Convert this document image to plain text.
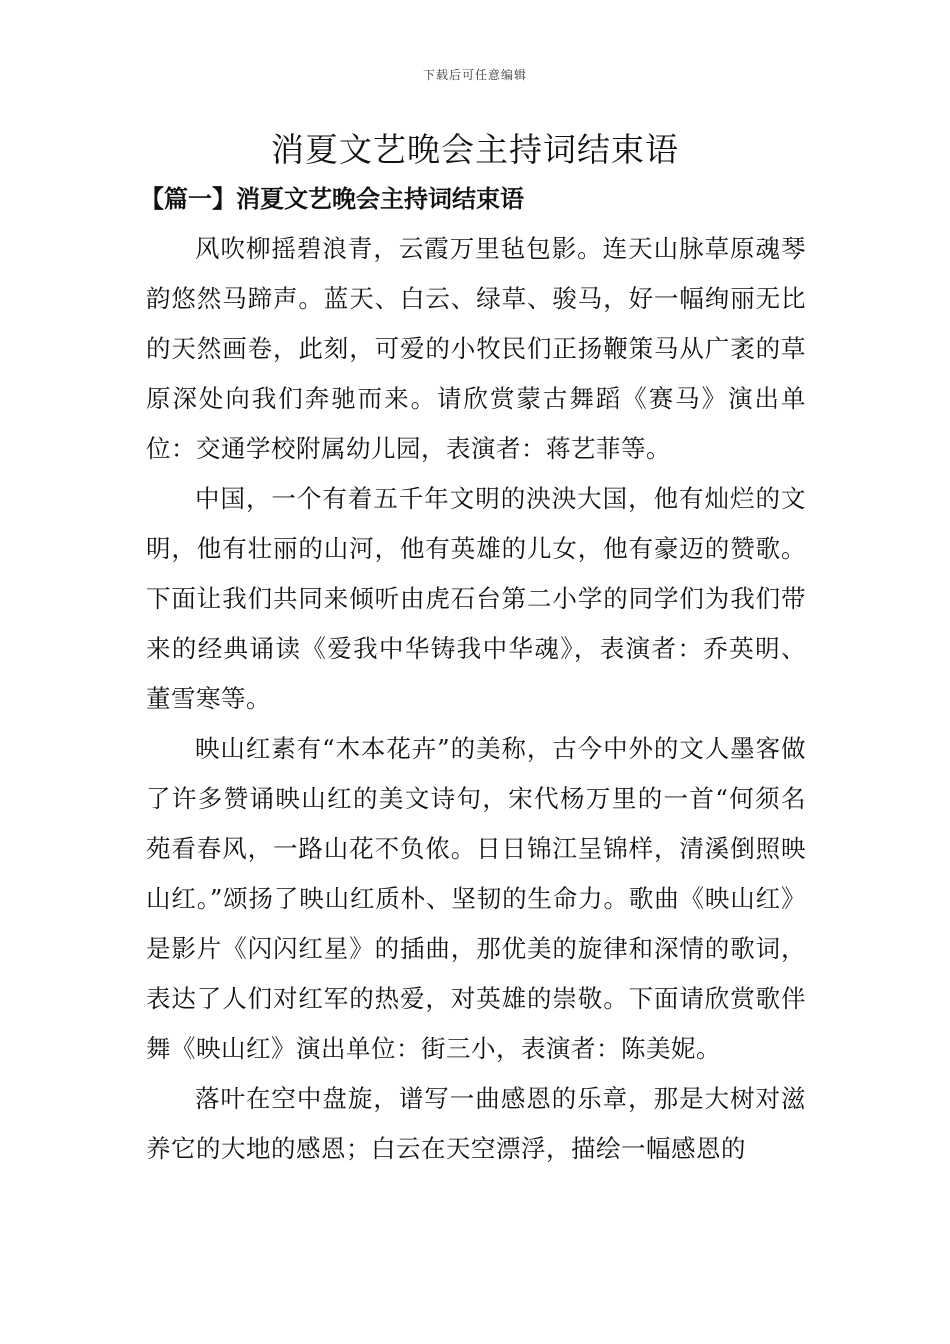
下载后可任意编辑
消夏文艺晚会主持词结束语
【篇一】消夏文艺晚会主持词结束语

风吹柳摇碧浪青，云霞万里毡包影。连天山脉草原魂琴韵悠然马蹄声。蓝天、白云、绿草、骏马，好一幅绚丽无比的天然画卷，此刻，可爱的小牧民们正扬鞭策马从广袤的草原深处向我们奔驰而来。请欣赏蒙古舞蹈《赛马》演出单位：交通学校附属幼儿园，表演者：蒋艺菲等。

中国，一个有着五千年文明的泱泱大国，他有灿烂的文明，他有壮丽的山河，他有英雄的儿女，他有豪迈的赞歌。下面让我们共同来倾听由虎石台第二小学的同学们为我们带来的经典诵读《爱我中华铸我中华魂》，表演者：乔英明、董雪寒等。

映山红素有“木本花卉”的美称，古今中外的文人墨客做了许多赞诵映山红的美文诗句，宋代杨万里的一首“何须名苑看春风，一路山花不负侬。日日锦江呈锦样，清溪倒照映山红。”颂扬了映山红质朴、坚韧的生命力。歌曲《映山红》是影片《闪闪红星》的插曲，那优美的旋律和深情的歌词，表达了人们对红军的热爱，对英雄的崇敬。下面请欣赏歌伴舞《映山红》演出单位：街三小，表演者：陈美妮。

落叶在空中盘旋，谱写一曲感恩的乐章，那是大树对滋养它的大地的感恩；白云在天空漂浮，描绘一幅感恩的
